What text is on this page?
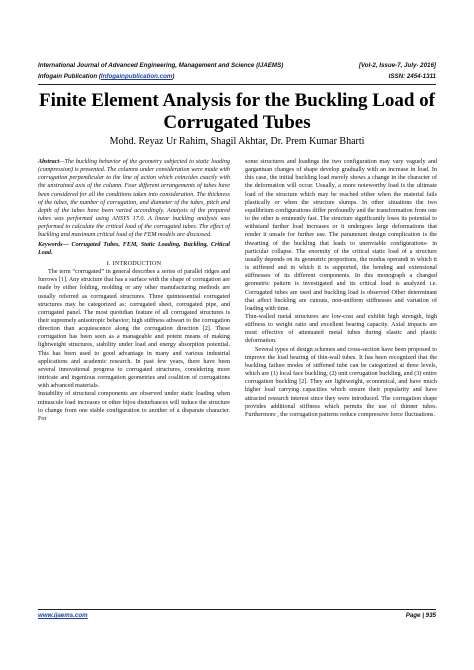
International Journal of Advanced Engineering, Management and Science (IJAEMS)	[Vol-2, Issue-7, July- 2016]
Infogain Publication (Infogainpublication.com)	ISSN: 2454-1311
Finite Element Analysis for the Buckling Load of Corrugated Tubes
Mohd. Reyaz Ur Rahim, Shagil Akhtar, Dr. Prem Kumar Bharti

Abstract—The buckling behavior of the geometry subjected to static loading (compression) is presented. The columns under consideration were made with corrugation perpendicular to the line of action which coincides exactly with the unstrained axis of the column. Four different arrangements of tubes have been considered for all the conditions taken into consideration. The thickness of the tubes, the number of corrugation, and diameter of the tubes, pitch and depth of the tubes have been varied accordingly. Analysis of the prepared tubes was performed using ANSYS 17.0. A linear buckling analysis was performed to calculate the critical load of the corrugated tubes. The effect of buckling and maximum critical load of the FEM models are discussed.

Keywords— Corrugated Tubes, FEM, Static Loading, Buckling, Critical Load.

I. INTRODUCTION

The term “corrugated” in general describes a series of parallel ridges and furrows [1]. Any structure that has a surface with the shape of corrugation are made by either folding, molding or any other manufacturing methods are usually referred as corrugated structures. Three quintessential corrugated structures may be categorized as: corrugated sheet, corrugated pipe, and corrugated panel. The most quotidian feature of all corrugated structures is their supremely anisotropic behavior; high stiffness athwart to the corrugation direction than acquiescence along the corrugation direction [2]. These corrugation has been seen as a manageable and potent means of making lightweight structures, stability under load and energy absorption potential. This has been used to good advantage in many and various industrial applications and academic research. In past few years, there have been several innovational progress to corrugated structures, considering more intricate and ingenious corrugation geometries and coalition of corrugations with advanced materials.

Instability of structural components are observed under static loading when minuscule load increases or other bijou disturbances will induce the structure to change from one stable configuration to another of a disparate character. For

some structures and loadings the two configuration may vary vaguely and gargantuan changes of shape develop gradually with an increase in load. In this case, the initial buckling load merely shows a change in the character of the deformation will occur. Usually, a more noteworthy load is the ultimate load of the structure which may be reached either when the material fails plastically or when the structure slumps. In other situations the two equilibrium configurations differ profoundly and the transformation from one to the other is eminently fast. The structure significantly loses its potential to withstand further load increases or it undergoes large deformations that render it unsafe for further use. The paramount design complication is the thwarting of the buckling that leads to unenviable configurations- in particular collapse. The enormity of the critical static load of a structure usually depends on its geometric proportions, the modus operandi in which it is stiffened and in which it is supported, the bending and extensional stiffnesses of its different components. In this monograph a changed geometric pattern is investigated and its critical load is analyzed i.e. Corrugated tubes are used and buckling load is observed Other determinant that affect buckling are cutouts, non-uniform stiffnesses and variation of loading with time.

Thin-walled metal structures are low-cost and exhibit high strength, high stiffness to weight ratio and excellent bearing capacity. Axial impacts are most effective of attenuated metal tubes during elastic and plastic deformation.

Several types of design schemes and cross-section have been proposed to improve the load bearing of thin-wall tubes. It has been recognized that the buckling failure modes of stiffened tube can be categorized at three levels, which are (1) local face buckling, (2) unit corrugation buckling, and (3) entire corrugation buckling [2]. They are lightweight, economical, and have much higher load carrying capacities which ensure their popularity and have attracted research interest since they were introduced. The corrugation shape provides additional stiffness which permits the use of thinner tubes. Furthermore , the corrugation patterns reduce compressive force fluctuations.

www.ijaems.com	Page | 935
